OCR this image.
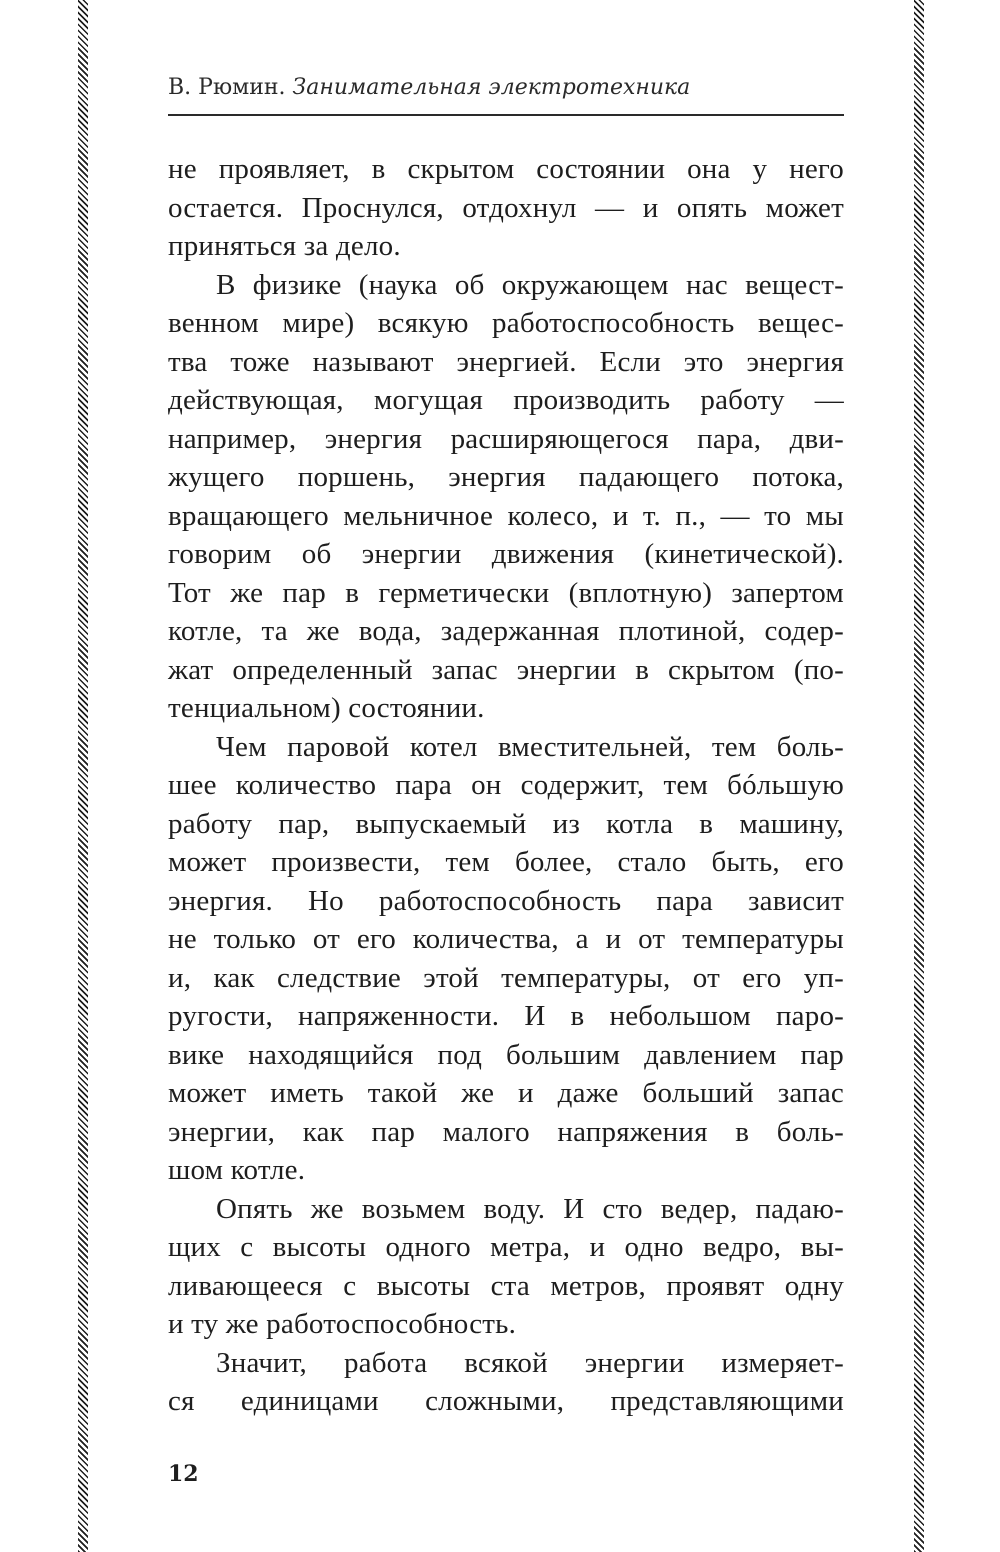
В. Рюмин. Занимательная электротехника
не проявляет, в скрытом состоянии она у него
остается. Проснулся, отдохнул — и опять может
приняться за дело.
В физике (наука об окружающем нас вещест-
венном мире) всякую работоспособность вещес-
тва тоже называют энергией. Если это энергия
действующая, могущая производить работу —
например, энергия расширяющегося пара, дви-
жущего поршень, энергия падающего потока,
вращающего мельничное колесо, и т. п., — то мы
говорим об энергии движения (кинетической).
Тот же пар в герметически (вплотную) запертом
котле, та же вода, задержанная плотиной, содер-
жат определенный запас энергии в скрытом (по-
тенциальном) состоянии.
Чем паровой котел вместительней, тем боль-
шее количество пара он содержит, тем бóльшую
работу пар, выпускаемый из котла в машину,
может произвести, тем более, стало быть, его
энергия. Но работоспособность пара зависит
не только от его количества, а и от температуры
и, как следствие этой температуры, от его уп-
ругости, напряженности. И в небольшом паро-
вике находящийся под большим давлением пар
может иметь такой же и даже больший запас
энергии, как пар малого напряжения в боль-
шом котле.
Опять же возьмем воду. И сто ведер, падаю-
щих с высоты одного метра, и одно ведро, вы-
ливающееся с высоты ста метров, проявят одну
и ту же работоспособность.
Значит, работа всякой энергии измеряет-
ся единицами сложными, представляющими
12
